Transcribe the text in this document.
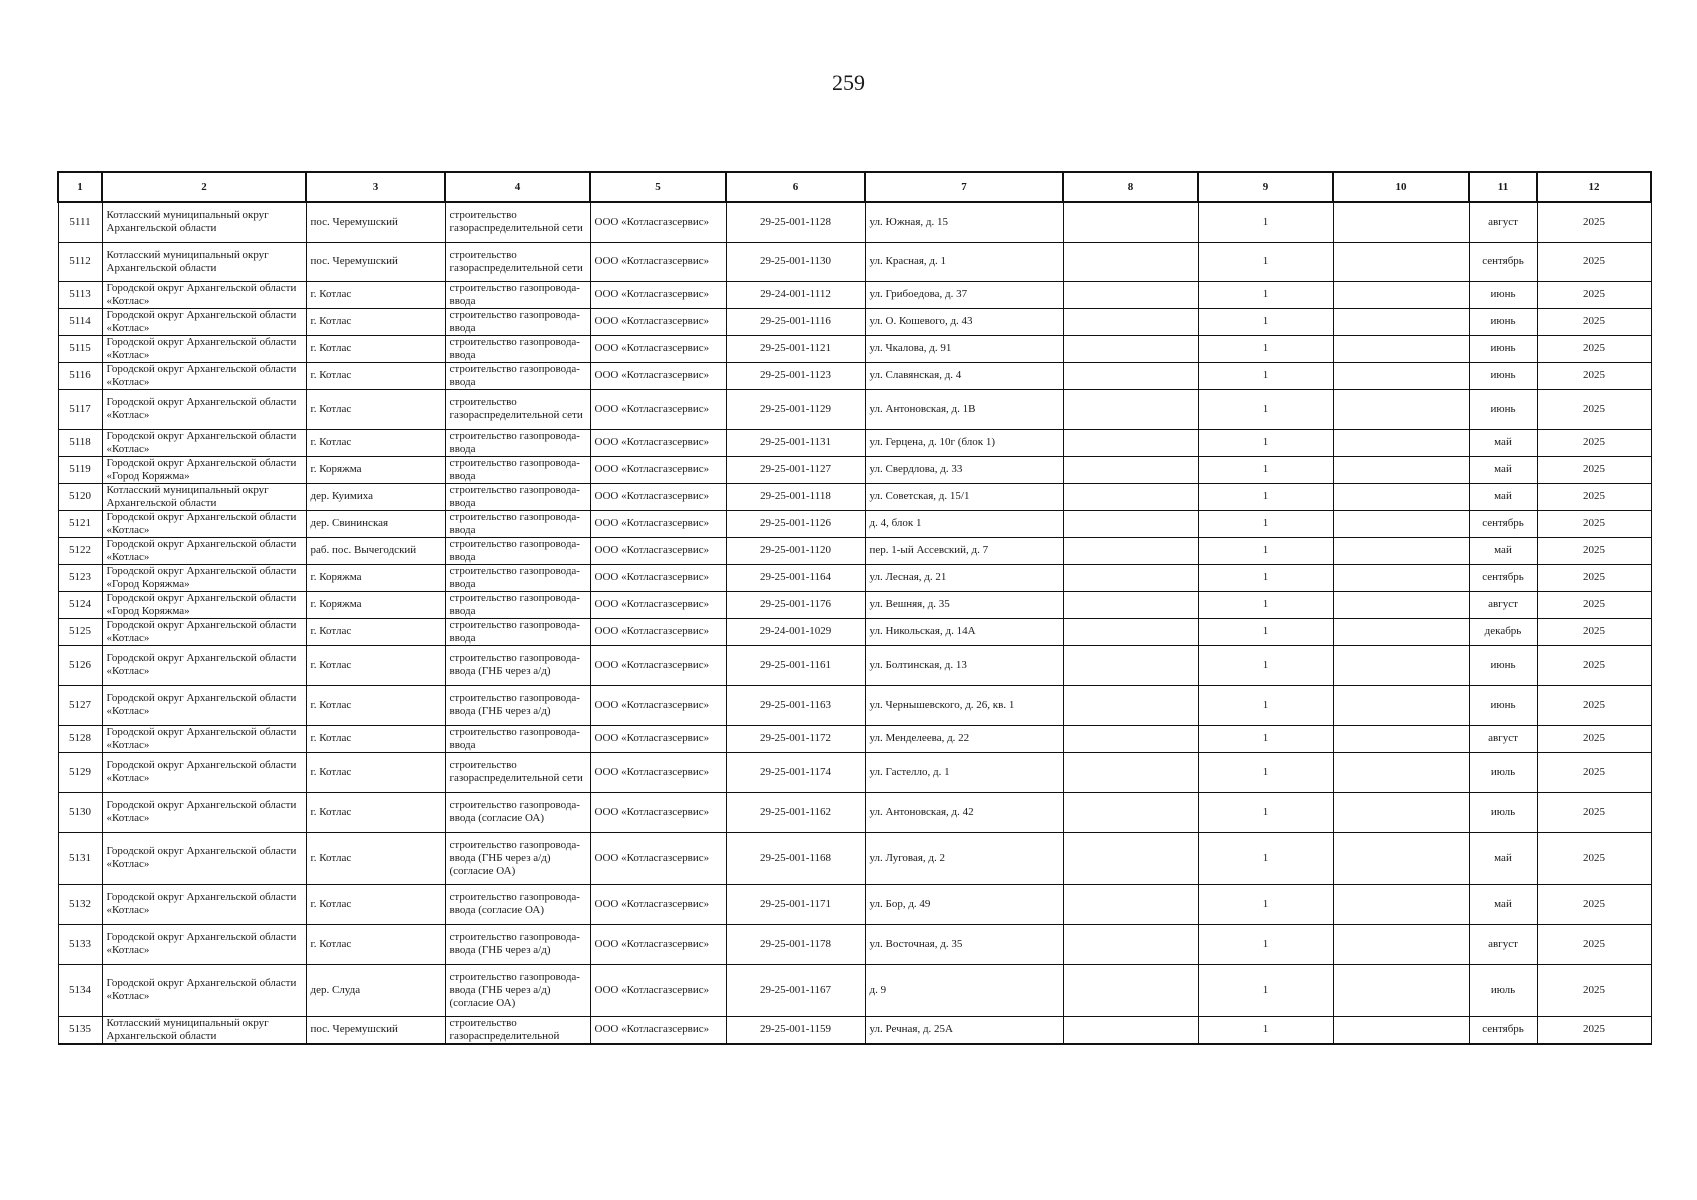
259
1	2	3	4	5	6	7	8	9	10	11	12
5111	Котласский муниципальный округ Архангельской области	пос. Черемушский	строительство газораспределительной сети	ООО «Котласгазсервис»	29-25-001-1128	ул. Южная, д. 15		1		август	2025
5112	Котласский муниципальный округ Архангельской области	пос. Черемушский	строительство газораспределительной сети	ООО «Котласгазсервис»	29-25-001-1130	ул. Красная, д. 1		1		сентябрь	2025
5113	Городской округ Архангельской области «Котлас»	г. Котлас	строительство газопровода-ввода	ООО «Котласгазсервис»	29-24-001-1112	ул. Грибоедова, д. 37		1		июнь	2025
5114	Городской округ Архангельской области «Котлас»	г. Котлас	строительство газопровода-ввода	ООО «Котласгазсервис»	29-25-001-1116	ул. О. Кошевого, д. 43		1		июнь	2025
5115	Городской округ Архангельской области «Котлас»	г. Котлас	строительство газопровода-ввода	ООО «Котласгазсервис»	29-25-001-1121	ул. Чкалова, д. 91		1		июнь	2025
5116	Городской округ Архангельской области «Котлас»	г. Котлас	строительство газопровода-ввода	ООО «Котласгазсервис»	29-25-001-1123	ул. Славянская, д. 4		1		июнь	2025
5117	Городской округ Архангельской области «Котлас»	г. Котлас	строительство газораспределительной сети	ООО «Котласгазсервис»	29-25-001-1129	ул. Антоновская, д. 1В		1		июнь	2025
5118	Городской округ Архангельской области «Котлас»	г. Котлас	строительство газопровода-ввода	ООО «Котласгазсервис»	29-25-001-1131	ул. Герцена, д. 10г (блок 1)		1		май	2025
5119	Городской округ Архангельской области «Город Коряжма»	г. Коряжма	строительство газопровода-ввода	ООО «Котласгазсервис»	29-25-001-1127	ул. Свердлова, д. 33		1		май	2025
5120	Котласский муниципальный округ Архангельской области	дер. Куимиха	строительство газопровода-ввода	ООО «Котласгазсервис»	29-25-001-1118	ул. Советская, д. 15/1		1		май	2025
5121	Городской округ Архангельской области «Котлас»	дер. Свининская	строительство газопровода-ввода	ООО «Котласгазсервис»	29-25-001-1126	д. 4, блок 1		1		сентябрь	2025
5122	Городской округ Архангельской области «Котлас»	раб. пос. Вычегодский	строительство газопровода-ввода	ООО «Котласгазсервис»	29-25-001-1120	пер. 1-ый Ассевский, д. 7		1		май	2025
5123	Городской округ Архангельской области «Город Коряжма»	г. Коряжма	строительство газопровода-ввода	ООО «Котласгазсервис»	29-25-001-1164	ул. Лесная, д. 21		1		сентябрь	2025
5124	Городской округ Архангельской области «Город Коряжма»	г. Коряжма	строительство газопровода-ввода	ООО «Котласгазсервис»	29-25-001-1176	ул. Вешняя, д. 35		1		август	2025
5125	Городской округ Архангельской области «Котлас»	г. Котлас	строительство газопровода-ввода	ООО «Котласгазсервис»	29-24-001-1029	ул. Никольская, д. 14А		1		декабрь	2025
5126	Городской округ Архангельской области «Котлас»	г. Котлас	строительство газопровода-ввода (ГНБ через а/д)	ООО «Котласгазсервис»	29-25-001-1161	ул. Болтинская, д. 13		1		июнь	2025
5127	Городской округ Архангельской области «Котлас»	г. Котлас	строительство газопровода-ввода (ГНБ через а/д)	ООО «Котласгазсервис»	29-25-001-1163	ул. Чернышевского, д. 26, кв. 1		1		июнь	2025
5128	Городской округ Архангельской области «Котлас»	г. Котлас	строительство газопровода-ввода	ООО «Котласгазсервис»	29-25-001-1172	ул. Менделеева, д. 22		1		август	2025
5129	Городской округ Архангельской области «Котлас»	г. Котлас	строительство газораспределительной сети	ООО «Котласгазсервис»	29-25-001-1174	ул. Гастелло, д. 1		1		июль	2025
5130	Городской округ Архангельской области «Котлас»	г. Котлас	строительство газопровода-ввода (согласие ОА)	ООО «Котласгазсервис»	29-25-001-1162	ул. Антоновская, д. 42		1		июль	2025
5131	Городской округ Архангельской области «Котлас»	г. Котлас	строительство газопровода-ввода (ГНБ через а/д) (согласие ОА)	ООО «Котласгазсервис»	29-25-001-1168	ул. Луговая, д. 2		1		май	2025
5132	Городской округ Архангельской области «Котлас»	г. Котлас	строительство газопровода-ввода (согласие ОА)	ООО «Котласгазсервис»	29-25-001-1171	ул. Бор, д. 49		1		май	2025
5133	Городской округ Архангельской области «Котлас»	г. Котлас	строительство газопровода-ввода (ГНБ через а/д)	ООО «Котласгазсервис»	29-25-001-1178	ул. Восточная, д. 35		1		август	2025
5134	Городской округ Архангельской области «Котлас»	дер. Слуда	строительство газопровода-ввода (ГНБ через а/д) (согласие ОА)	ООО «Котласгазсервис»	29-25-001-1167	д. 9		1		июль	2025
5135	Котласский муниципальный округ Архангельской области	пос. Черемушский	строительство газораспределительной	ООО «Котласгазсервис»	29-25-001-1159	ул. Речная, д. 25А		1		сентябрь	2025
